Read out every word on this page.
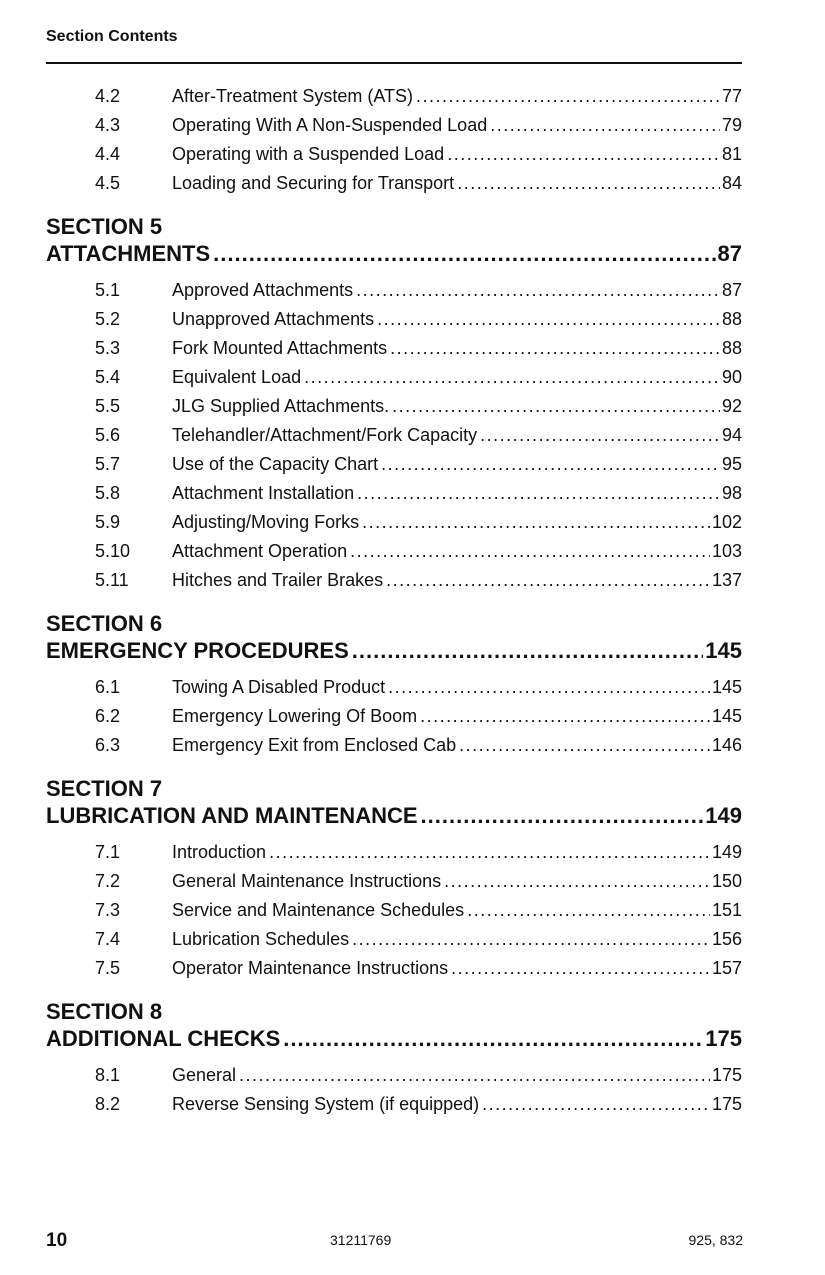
Section Contents
4.2	After-Treatment System (ATS) .....	77
4.3	Operating With A Non-Suspended Load .....	79
4.4	Operating with a Suspended Load .....	81
4.5	Loading and Securing for Transport .....	84
SECTION 5
ATTACHMENTS .....	87
5.1	Approved Attachments .....	87
5.2	Unapproved Attachments .....	88
5.3	Fork Mounted Attachments .....	88
5.4	Equivalent Load .....	90
5.5	JLG Supplied Attachments. .....	92
5.6	Telehandler/Attachment/Fork Capacity .....	94
5.7	Use of the Capacity Chart .....	95
5.8	Attachment Installation .....	98
5.9	Adjusting/Moving Forks .....	102
5.10	Attachment Operation .....	103
5.11	Hitches and Trailer Brakes .....	137
SECTION 6
EMERGENCY PROCEDURES .....	145
6.1	Towing A Disabled Product .....	145
6.2	Emergency Lowering Of Boom .....	145
6.3	Emergency Exit from Enclosed Cab .....	146
SECTION 7
LUBRICATION AND MAINTENANCE .....	149
7.1	Introduction .....	149
7.2	General Maintenance Instructions .....	150
7.3	Service and Maintenance Schedules .....	151
7.4	Lubrication Schedules .....	156
7.5	Operator Maintenance Instructions .....	157
SECTION 8
ADDITIONAL CHECKS .....	175
8.1	General .....	175
8.2	Reverse Sensing System (if equipped) .....	175
10	31211769	925, 832
